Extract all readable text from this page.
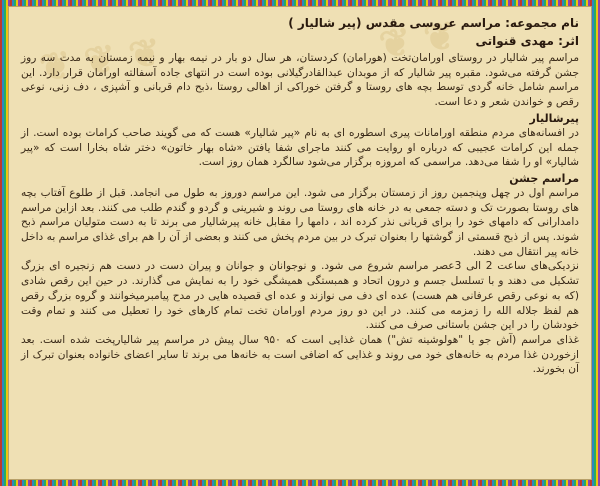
❦ ❦ ❦	❦ ❦

نام مجموعه: مراسم عروسی مقدس (پیر شالیار )

اثر: مهدی قنواتی

مراسم پیر شالیار در روستای اورامان‌تخت (هورامان) کردستان، هر سال دو بار در نیمه بهار و نیمه زمستان به مدت سه روز جشن گرفته می‌شود. مقبره پیر شالیار که از موبدان عبدالقادرگیلانی بوده است در انتهای جاده آسفالته اورامان قرار دارد. این مراسم شامل خانه گردی توسط بچه های روستا و گرفتن خوراکی از اهالی روستا ،ذبح دام قربانی و آشپزی ، دف زنی، نوعی رقص و خواندن شعر و دعا است.

پیرشالیار

در افسانه‌های مردم منطقه اورامانات پیری اسطوره ای به نام «پیر شالیار» هست که می گویند صاحب کرامات بوده است. از جمله این کرامات عجیبی که درباره او روایت می کنند ماجرای شفا یافتن «شاه بهار خاتون» دختر شاه بخارا است که «پیر شالیار» او را شفا می‌دهد. مراسمی که امروزه برگزار می‌شود سالگرد همان روز است.

مراسم جشن

مراسم اول در چهل وپنجمین روز از زمستان برگزار می شود. این مراسم دوروز به طول می انجامد. قبل از طلوع آفتاب بچه های روستا بصورت تک و دسته جمعی به در خانه های روستا می روند و شیرینی و گردو و گندم طلب می کنند. بعد ازاین مراسم دامدارانی که دامهای خود را برای قربانی نذر کرده اند ، دامها را مقابل خانه پیرشالیار می برند تا به دست متولیان مراسم ذبح شوند. پس از ذبح قسمتی از گوشتها را بعنوان تبرک در بین مردم پخش می کنند و بعضی از آن را هم برای غذای مراسم به داخل خانه پیر انتقال می دهند.

نزدیکی‌های ساعت 2 الی 3عصر مراسم شروع می شود. و نوجوانان و جوانان و پیران دست در دست هم زنجیره ای بزرگ تشکیل می دهند و با تسلسل جسم و درون اتحاد و همبستگی همیشگی خود را به نمایش می گذارند. در حین این رقص شادی (که به نوعی رقص عرفانی هم هست) عده ای دف می نوازند و عده ای قصیده هایی در مدح پیامبرمیخوانند و گروه بزرگ رقص هم لفظ جلاله الله را زمزمه می کنند. در این دو روز مردم اورامان تخت تمام کارهای خود را تعطیل می کنند و تمام وقت خودشان را در این جشن باستانی صرف می کنند.

غذای مراسم (آش جو یا "هولوشینه تش") همان غذایی است که ۹۵۰ سال پیش در مراسم پیر شالیارپخت شده است. بعد ازخوردن غذا مردم به خانه‌های خود می روند و غذایی که اضافی است به خانه‌ها می برند تا سایر اعضای خانواده بعنوان تبرک از آن بخورند.
